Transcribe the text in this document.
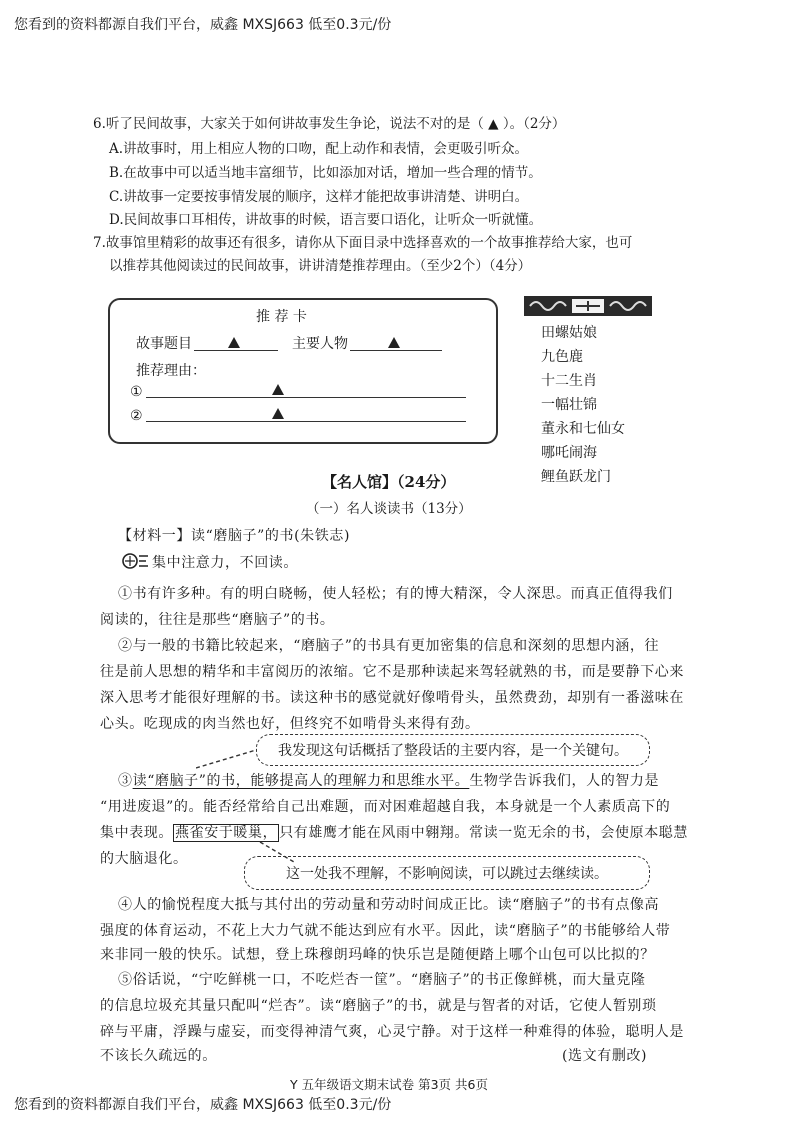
您看到的资料都源自我们平台，威鑫 MXSJ663 低至0.3元/份
6.听了民间故事，大家关于如何讲故事发生争论，说法不对的是（ ▲ ）。（2分）
A.讲故事时，用上相应人物的口吻，配上动作和表情，会更吸引听众。
B.在故事中可以适当地丰富细节，比如添加对话，增加一些合理的情节。
C.讲故事一定要按事情发展的顺序，这样才能把故事讲清楚、讲明白。
D.民间故事口耳相传，讲故事的时候，语言要口语化，让听众一听就懂。
7.故事馆里精彩的故事还有很多，请你从下面目录中选择喜欢的一个故事推荐给大家，也可
以推荐其他阅读过的民间故事，讲讲清楚推荐理由。（至少2个）（4分）
推 荐 卡
故事题目	主要人物
推荐理由：
①
②
田螺姑娘
九色鹿
十二生肖
一幅壮锦
董永和七仙女
哪吒闹海
鲤鱼跃龙门
【名人馆】（24分）
（一）名人谈读书（13分）
【材料一】读“磨脑子”的书(朱铁志)
集中注意力，不回读。
①书有许多种。有的明白晓畅，使人轻松；有的博大精深，令人深思。而真正值得我们
阅读的，往往是那些“磨脑子”的书。
②与一般的书籍比较起来，“磨脑子”的书具有更加密集的信息和深刻的思想内涵，往
往是前人思想的精华和丰富阅历的浓缩。它不是那种读起来驾轻就熟的书，而是要静下心来
深入思考才能很好理解的书。读这种书的感觉就好像啃骨头，虽然费劲，却别有一番滋味在
心头。吃现成的肉当然也好，但终究不如啃骨头来得有劲。
我发现这句话概括了整段话的主要内容，是一个关键句。
③读“磨脑子”的书，能够提高人的理解力和思维水平。生物学告诉我们，人的智力是
“用进废退”的。能否经常给自己出难题，而对困难超越自我，本身就是一个人素质高下的
集中表现。 燕雀安于暖巢， 只有雄鹰才能在风雨中翱翔。常读一览无余的书，会使原本聪慧
的大脑退化。
这一处我不理解，不影响阅读，可以跳过去继续读。
④人的愉悦程度大抵与其付出的劳动量和劳动时间成正比。读“磨脑子”的书有点像高
强度的体育运动，不花上大力气就不能达到应有水平。因此，读“磨脑子”的书能够给人带
来非同一般的快乐。试想，登上珠穆朗玛峰的快乐岂是随便踏上哪个山包可以比拟的？
⑤俗话说，“宁吃鲜桃一口，不吃烂杏一筐”。“磨脑子”的书正像鲜桃，而大量克隆
的信息垃圾充其量只配叫“烂杏”。读“磨脑子”的书，就是与智者的对话，它使人暂别琐
碎与平庸，浮躁与虚妄，而变得神清气爽，心灵宁静。对于这样一种难得的体验，聪明人是
不该长久疏远的。	(选文有删改)
Y 五年级语文期末试卷 第3页 共6页
您看到的资料都源自我们平台，威鑫 MXSJ663 低至0.3元/份
